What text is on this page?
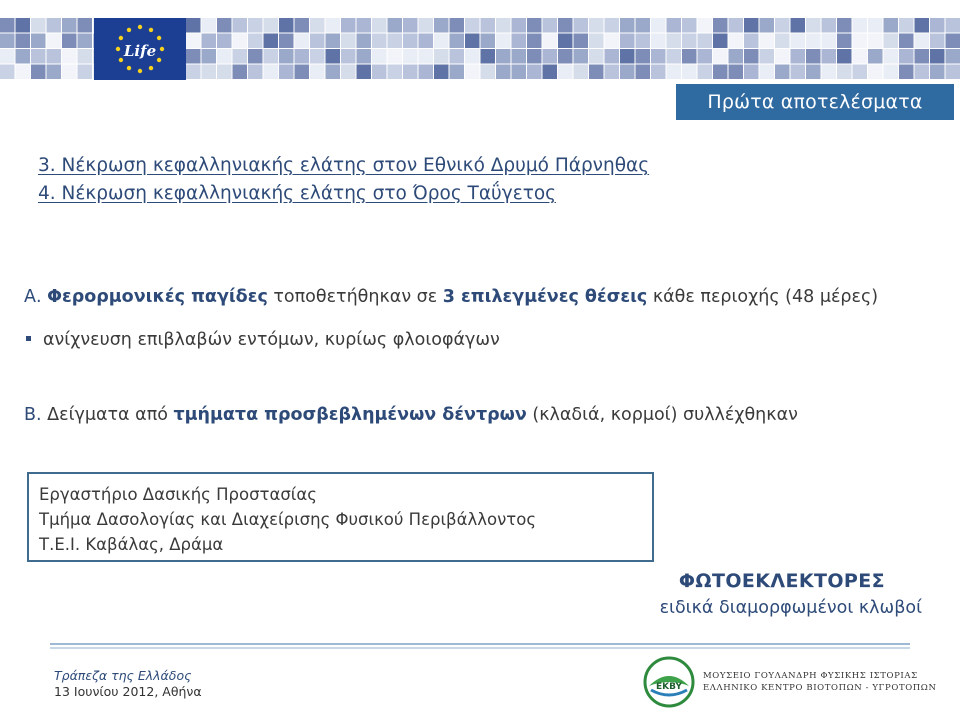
Life
Πρώτα αποτελέσματα
3. Νέκρωση κεφαλληνιακής ελάτης στον Εθνικό Δρυμό Πάρνηθας
4. Νέκρωση κεφαλληνιακής ελάτης στο Όρος Ταΰγετος
Α. Φερορμονικές παγίδες τοποθετήθηκαν σε 3 επιλεγμένες θέσεις κάθε περιοχής (48 μέρες)
ανίχνευση επιβλαβών εντόμων, κυρίως φλοιοφάγων
Β. Δείγματα από τμήματα προσβεβλημένων δέντρων (κλαδιά, κορμοί) συλλέχθηκαν
Εργαστήριο Δασικής Προστασίας
Τμήμα Δασολογίας και Διαχείρισης Φυσικού Περιβάλλοντος
Τ.Ε.Ι. Καβάλας, Δράμα
ΦΩΤΟΕΚΛΕΚΤΟΡΕΣ
ειδικά διαμορφωμένοι κλωβοί
Τράπεζα της Ελλάδος
13 Ιουνίου 2012, Αθήνα	EKBY
ΜΟΥΣΕΙΟ ΓΟΥΛΑΝΔΡΗ ΦΥΣΙΚΗΣ ΙΣΤΟΡΙΑΣ
ΕΛΛΗΝΙΚΟ ΚΕΝΤΡΟ ΒΙΟΤΟΠΩΝ - ΥΓΡΟΤΟΠΩΝ
